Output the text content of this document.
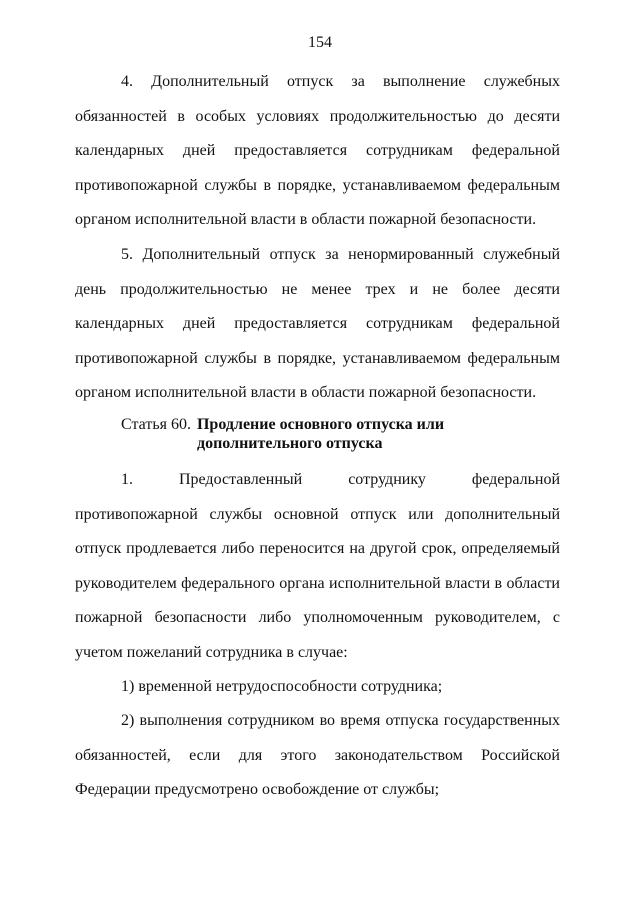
154

4. Дополнительный отпуск за выполнение служебных обязанностей в особых условиях продолжительностью до десяти календарных дней предоставляется сотрудникам федеральной противопожарной службы в порядке, устанавливаемом федеральным органом исполнительной власти в области пожарной безопасности.

5. Дополнительный отпуск за ненормированный служебный день продолжительностью не менее трех и не более десяти календарных дней предоставляется сотрудникам федеральной противопожарной службы в порядке, устанавливаемом федеральным органом исполнительной власти в области пожарной безопасности.

Статья 60. Продление основного отпуска или дополнительного отпуска

1. Предоставленный сотруднику федеральной противопожарной службы основной отпуск или дополнительный отпуск продлевается либо переносится на другой срок, определяемый руководителем федерального органа исполнительной власти в области пожарной безопасности либо уполномоченным руководителем, с учетом пожеланий сотрудника в случае:

1) временной нетрудоспособности сотрудника;

2) выполнения сотрудником во время отпуска государственных обязанностей, если для этого законодательством Российской Федерации предусмотрено освобождение от службы;
